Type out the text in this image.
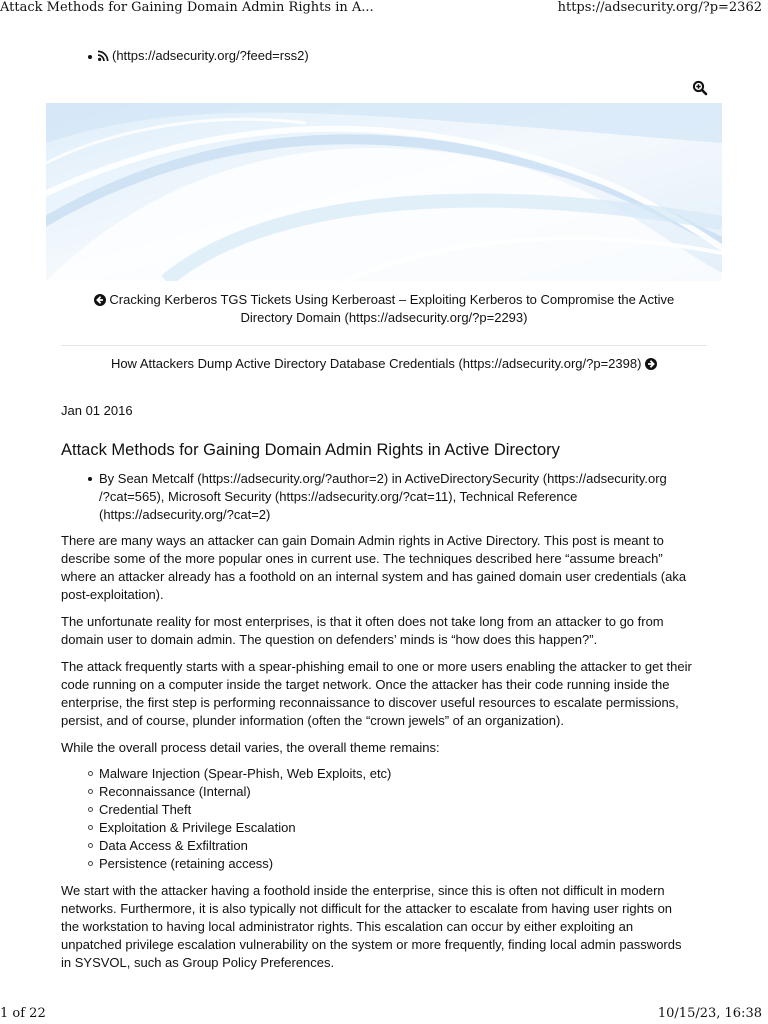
Attack Methods for Gaining Domain Admin Rights in A...	https://adsecurity.org/?p=2362
(https://adsecurity.org/?feed=rss2)
Cracking Kerberos TGS Tickets Using Kerberoast – Exploiting Kerberos to Compromise the Active
Directory Domain (https://adsecurity.org/?p=2293)
How Attackers Dump Active Directory Database Credentials (https://adsecurity.org/?p=2398)
Jan 01 2016
Attack Methods for Gaining Domain Admin Rights in Active Directory
By Sean Metcalf (https://adsecurity.org/?author=2) in ActiveDirectorySecurity (https://adsecurity.org
/?cat=565), Microsoft Security (https://adsecurity.org/?cat=11), Technical Reference
(https://adsecurity.org/?cat=2)

There are many ways an attacker can gain Domain Admin rights in Active Directory. This post is meant to
describe some of the more popular ones in current use. The techniques described here “assume breach”
where an attacker already has a foothold on an internal system and has gained domain user credentials (aka
post-exploitation).

The unfortunate reality for most enterprises, is that it often does not take long from an attacker to go from
domain user to domain admin. The question on defenders’ minds is “how does this happen?”.

The attack frequently starts with a spear-phishing email to one or more users enabling the attacker to get their
code running on a computer inside the target network. Once the attacker has their code running inside the
enterprise, the first step is performing reconnaissance to discover useful resources to escalate permissions,
persist, and of course, plunder information (often the “crown jewels” of an organization).

While the overall process detail varies, the overall theme remains:

Malware Injection (Spear-Phish, Web Exploits, etc)
Reconnaissance (Internal)
Credential Theft
Exploitation & Privilege Escalation
Data Access & Exfiltration
Persistence (retaining access)

We start with the attacker having a foothold inside the enterprise, since this is often not difficult in modern
networks. Furthermore, it is also typically not difficult for the attacker to escalate from having user rights on
the workstation to having local administrator rights. This escalation can occur by either exploiting an
unpatched privilege escalation vulnerability on the system or more frequently, finding local admin passwords
in SYSVOL, such as Group Policy Preferences.

1 of 22	10/15/23, 16:38
